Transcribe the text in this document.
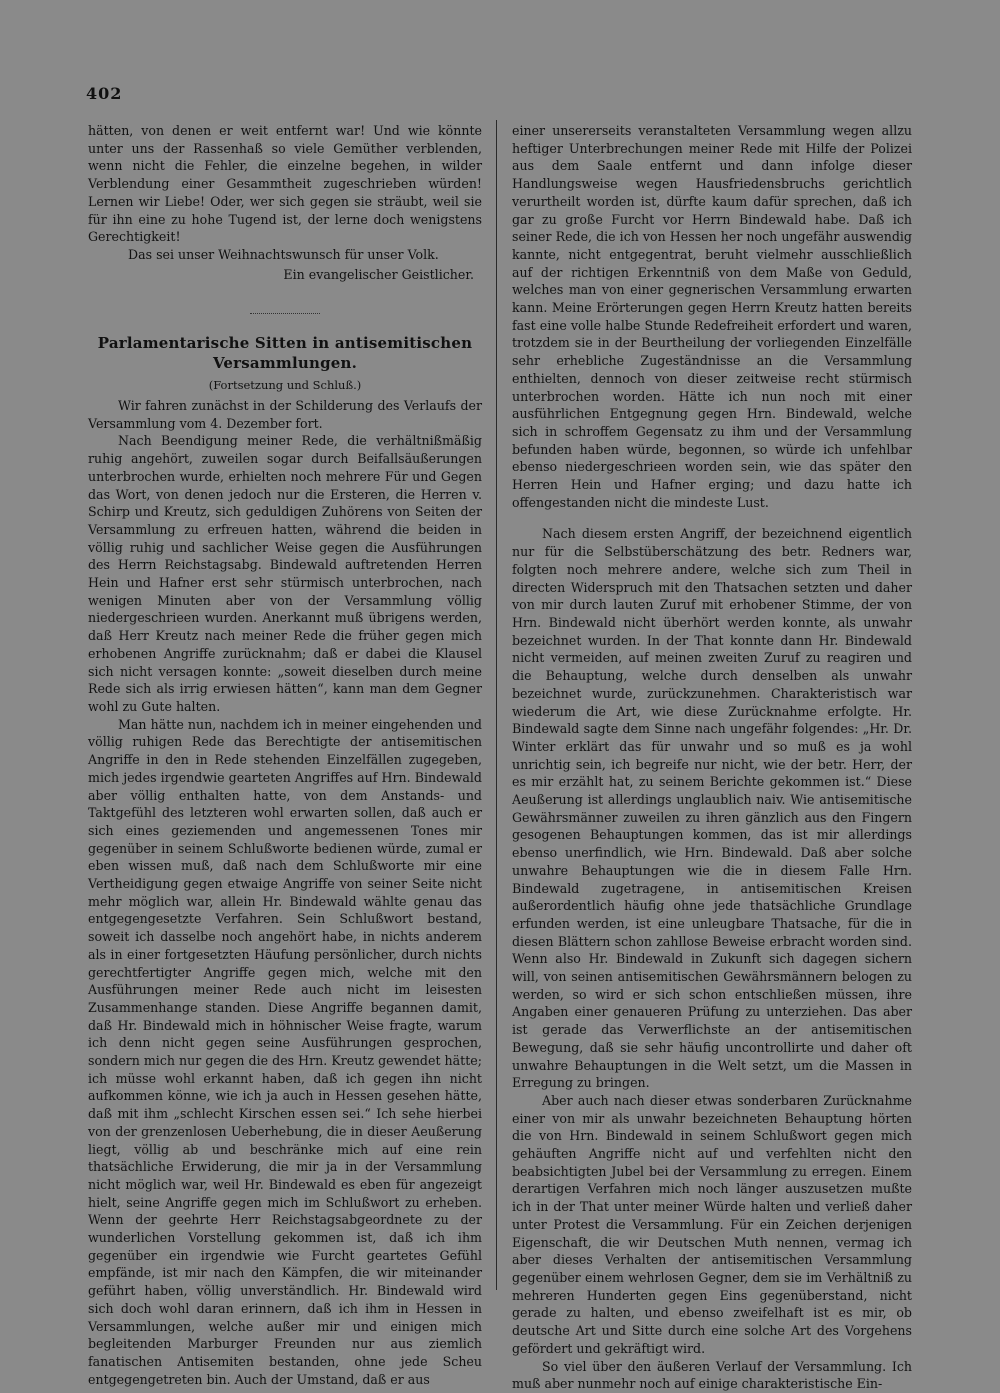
402

hätten, von denen er weit entfernt war! Und wie könnte unter uns der Rassenhaß so viele Gemüther verblenden, wenn nicht die Fehler, die einzelne begehen, in wilder Verblendung einer Gesammtheit zugeschrieben würden! Lernen wir Liebe! Oder, wer sich gegen sie sträubt, weil sie für ihn eine zu hohe Tugend ist, der lerne doch wenigstens Gerechtigkeit!

Das sei unser Weihnachtswunsch für unser Volk.

Ein evangelischer Geistlicher.

Parlamentarische Sitten in antisemitischen Versammlungen.
(Fortsetzung und Schluß.)

Wir fahren zunächst in der Schilderung des Verlaufs der Versammlung vom 4. Dezember fort.

Nach Beendigung meiner Rede, die verhältnißmäßig ruhig angehört, zuweilen sogar durch Beifallsäußerungen unterbrochen wurde, erhielten noch mehrere Für und Gegen das Wort, von denen jedoch nur die Ersteren, die Herren v. Schirp und Kreutz, sich geduldigen Zuhörens von Seiten der Versammlung zu erfreuen hatten, während die beiden in völlig ruhig und sachlicher Weise gegen die Ausführungen des Herrn Reichstagsabg. Bindewald auftretenden Herren Hein und Hafner erst sehr stürmisch unterbrochen, nach wenigen Minuten aber von der Versammlung völlig niedergeschrieen wurden. Anerkannt muß übrigens werden, daß Herr Kreutz nach meiner Rede die früher gegen mich erhobenen Angriffe zurücknahm; daß er dabei die Klausel sich nicht versagen konnte: „soweit dieselben durch meine Rede sich als irrig erwiesen hätten“, kann man dem Gegner wohl zu Gute halten.

Man hätte nun, nachdem ich in meiner eingehenden und völlig ruhigen Rede das Berechtigte der antisemitischen Angriffe in den in Rede stehenden Einzelfällen zugegeben, mich jedes irgendwie gearteten Angriffes auf Hrn. Bindewald aber völlig enthalten hatte, von dem Anstands- und Taktgefühl des letzteren wohl erwarten sollen, daß auch er sich eines geziemenden und angemessenen Tones mir gegenüber in seinem Schlußworte bedienen würde, zumal er eben wissen muß, daß nach dem Schlußworte mir eine Vertheidigung gegen etwaige Angriffe von seiner Seite nicht mehr möglich war, allein Hr. Bindewald wählte genau das entgegengesetzte Verfahren. Sein Schlußwort bestand, soweit ich dasselbe noch angehört habe, in nichts anderem als in einer fortgesetzten Häufung persönlicher, durch nichts gerechtfertigter Angriffe gegen mich, welche mit den Ausführungen meiner Rede auch nicht im leisesten Zusammenhange standen. Diese Angriffe begannen damit, daß Hr. Bindewald mich in höhnischer Weise fragte, warum ich denn nicht gegen seine Ausführungen gesprochen, sondern mich nur gegen die des Hrn. Kreutz gewendet hätte; ich müsse wohl erkannt haben, daß ich gegen ihn nicht aufkommen könne, wie ich ja auch in Hessen gesehen hätte, daß mit ihm „schlecht Kirschen essen sei.“ Ich sehe hierbei von der grenzenlosen Ueberhebung, die in dieser Aeußerung liegt, völlig ab und beschränke mich auf eine rein thatsächliche Erwiderung, die mir ja in der Versammlung nicht möglich war, weil Hr. Bindewald es eben für angezeigt hielt, seine Angriffe gegen mich im Schlußwort zu erheben. Wenn der geehrte Herr Reichstagsabgeordnete zu der wunderlichen Vorstellung gekommen ist, daß ich ihm gegenüber ein irgendwie wie Furcht geartetes Gefühl empfände, ist mir nach den Kämpfen, die wir miteinander geführt haben, völlig unverständlich. Hr. Bindewald wird sich doch wohl daran erinnern, daß ich ihm in Hessen in Versammlungen, welche außer mir und einigen mich begleitenden Marburger Freunden nur aus ziemlich fanatischen Antisemiten bestanden, ohne jede Scheu entgegengetreten bin. Auch der Umstand, daß er aus

einer unsererseits veranstalteten Versammlung wegen allzu heftiger Unterbrechungen meiner Rede mit Hilfe der Polizei aus dem Saale entfernt und dann infolge dieser Handlungsweise wegen Hausfriedensbruchs gerichtlich verurtheilt worden ist, dürfte kaum dafür sprechen, daß ich gar zu große Furcht vor Herrn Bindewald habe. Daß ich seiner Rede, die ich von Hessen her noch ungefähr auswendig kannte, nicht entgegentrat, beruht vielmehr ausschließlich auf der richtigen Erkenntniß von dem Maße von Geduld, welches man von einer gegnerischen Versammlung erwarten kann. Meine Erörterungen gegen Herrn Kreutz hatten bereits fast eine volle halbe Stunde Redefreiheit erfordert und waren, trotzdem sie in der Beurtheilung der vorliegenden Einzelfälle sehr erhebliche Zugeständnisse an die Versammlung enthielten, dennoch von dieser zeitweise recht stürmisch unterbrochen worden. Hätte ich nun noch mit einer ausführlichen Entgegnung gegen Hrn. Bindewald, welche sich in schroffem Gegensatz zu ihm und der Versammlung befunden haben würde, begonnen, so würde ich unfehlbar ebenso niedergeschrieen worden sein, wie das später den Herren Hein und Hafner erging; und dazu hatte ich offengestanden nicht die mindeste Lust.

Nach diesem ersten Angriff, der bezeichnend eigentlich nur für die Selbstüberschätzung des betr. Redners war, folgten noch mehrere andere, welche sich zum Theil in directen Widerspruch mit den Thatsachen setzten und daher von mir durch lauten Zuruf mit erhobener Stimme, der von Hrn. Bindewald nicht überhört werden konnte, als unwahr bezeichnet wurden. In der That konnte dann Hr. Bindewald nicht vermeiden, auf meinen zweiten Zuruf zu reagiren und die Behauptung, welche durch denselben als unwahr bezeichnet wurde, zurückzunehmen. Charakteristisch war wiederum die Art, wie diese Zurücknahme erfolgte. Hr. Bindewald sagte dem Sinne nach ungefähr folgendes: „Hr. Dr. Winter erklärt das für unwahr und so muß es ja wohl unrichtig sein, ich begreife nur nicht, wie der betr. Herr, der es mir erzählt hat, zu seinem Berichte gekommen ist.“ Diese Aeußerung ist allerdings unglaublich naiv. Wie antisemitische Gewährsmänner zuweilen zu ihren gänzlich aus den Fingern gesogenen Behauptungen kommen, das ist mir allerdings ebenso unerfindlich, wie Hrn. Bindewald. Daß aber solche unwahre Behauptungen wie die in diesem Falle Hrn. Bindewald zugetragene, in antisemitischen Kreisen außerordentlich häufig ohne jede thatsächliche Grundlage erfunden werden, ist eine unleugbare Thatsache, für die in diesen Blättern schon zahllose Beweise erbracht worden sind. Wenn also Hr. Bindewald in Zukunft sich dagegen sichern will, von seinen antisemitischen Gewährsmännern belogen zu werden, so wird er sich schon entschließen müssen, ihre Angaben einer genaueren Prüfung zu unterziehen. Das aber ist gerade das Verwerflichste an der antisemitischen Bewegung, daß sie sehr häufig uncontrollirte und daher oft unwahre Behauptungen in die Welt setzt, um die Massen in Erregung zu bringen.

Aber auch nach dieser etwas sonderbaren Zurücknahme einer von mir als unwahr bezeichneten Behauptung hörten die von Hrn. Bindewald in seinem Schlußwort gegen mich gehäuften Angriffe nicht auf und verfehlten nicht den beabsichtigten Jubel bei der Versammlung zu erregen. Einem derartigen Verfahren mich noch länger auszusetzen mußte ich in der That unter meiner Würde halten und verließ daher unter Protest die Versammlung. Für ein Zeichen derjenigen Eigenschaft, die wir Deutschen Muth nennen, vermag ich aber dieses Verhalten der antisemitischen Versammlung gegenüber einem wehrlosen Gegner, dem sie im Verhältniß zu mehreren Hunderten gegen Eins gegenüberstand, nicht gerade zu halten, und ebenso zweifelhaft ist es mir, ob deutsche Art und Sitte durch eine solche Art des Vorgehens gefördert und gekräftigt wird.

So viel über den äußeren Verlauf der Versammlung. Ich muß aber nunmehr noch auf einige charakteristische Ein-
